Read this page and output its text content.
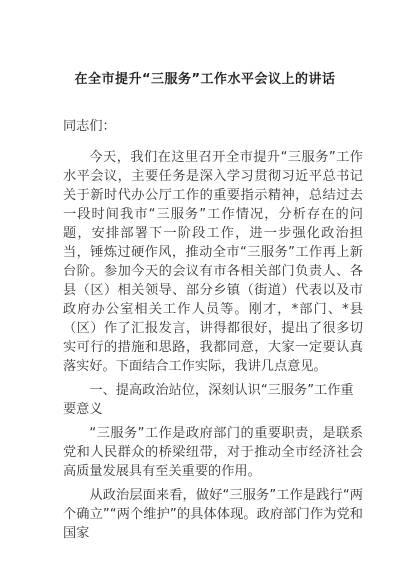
在全市提升“三服务”工作水平会议上的讲话
同志们：

今天，我们在这里召开全市提升“三服务”工作水平会议，主要任务是深入学习贯彻习近平总书记关于新时代办公厅工作的重要指示精神，总结过去一段时间我市“三服务”工作情况，分析存在的问题，安排部署下一阶段工作，进一步强化政治担当，锤炼过硬作风，推动全市“三服务”工作再上新台阶。参加今天的会议有市各相关部门负责人、各县（区）相关领导、部分乡镇（街道）代表以及市政府办公室相关工作人员等。刚才，*部门、*县（区）作了汇报发言，讲得都很好，提出了很多切实可行的措施和思路，我都同意，大家一定要认真落实好。下面结合工作实际，我讲几点意见。

一、提高政治站位，深刻认识“三服务”工作重要意义

“三服务”工作是政府部门的重要职责，是联系党和人民群众的桥梁纽带，对于推动全市经济社会高质量发展具有至关重要的作用。

从政治层面来看，做好“三服务”工作是践行“两个确立”“两个维护”的具体体现。政府部门作为党和国家
